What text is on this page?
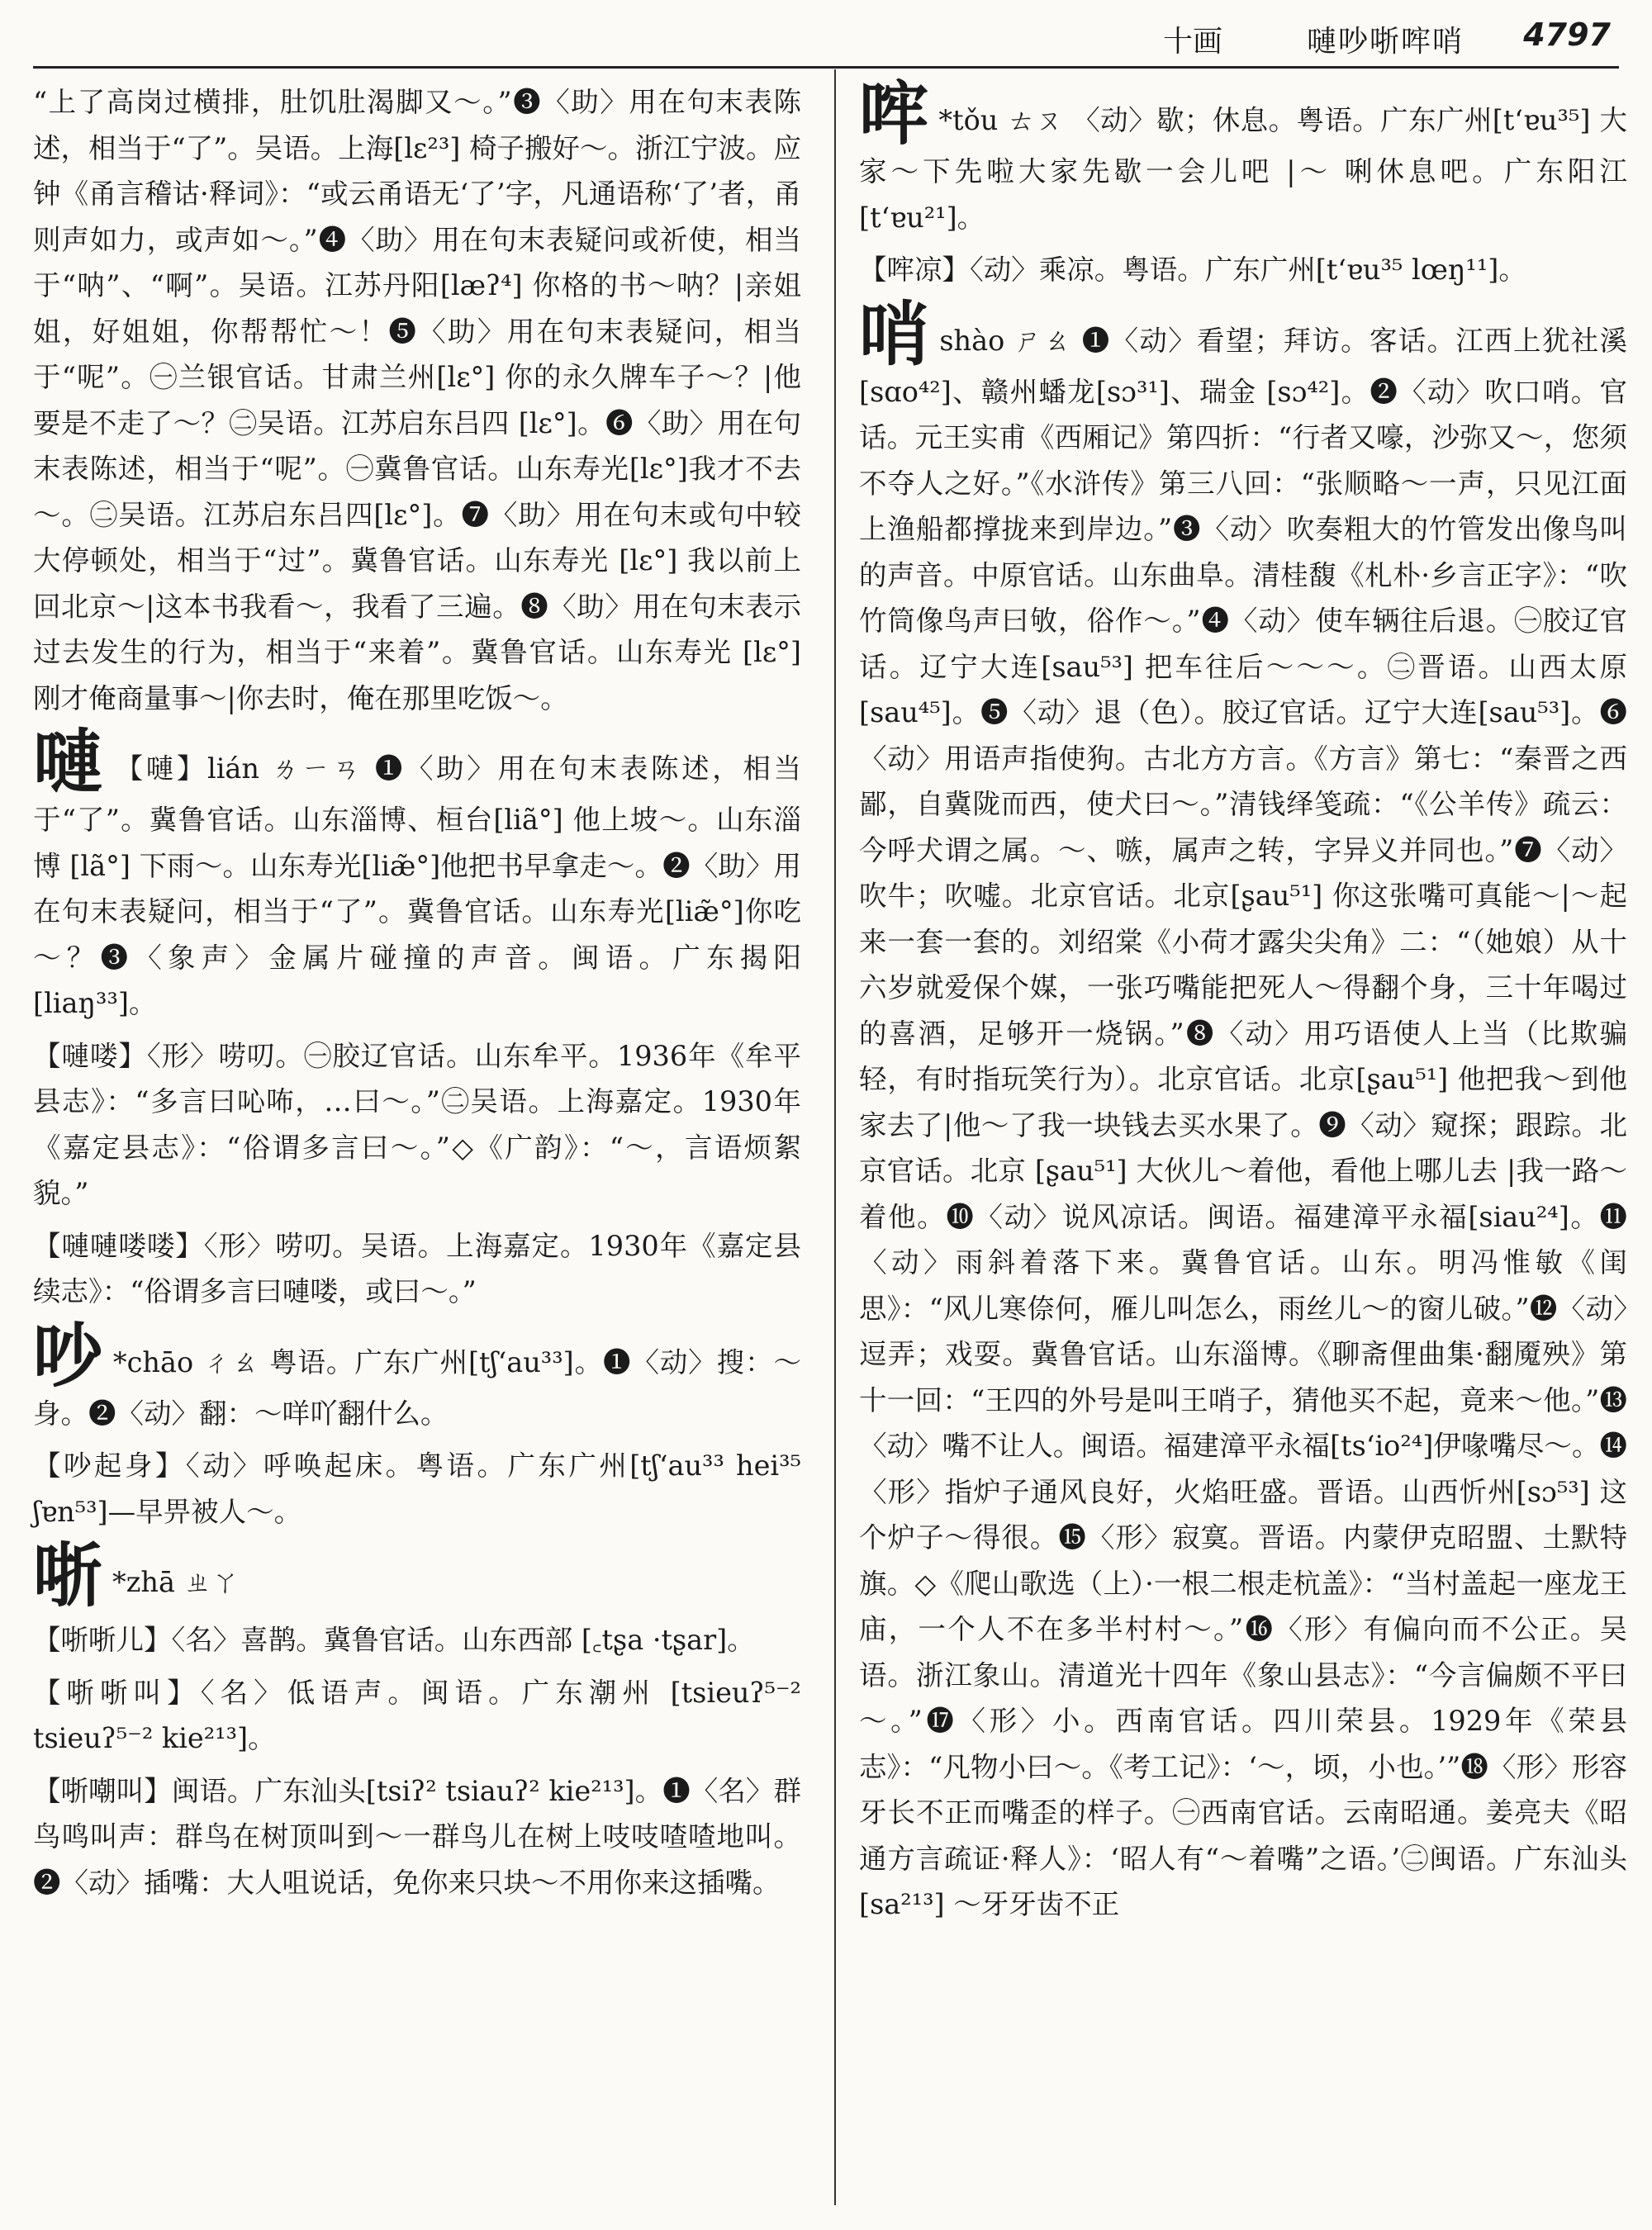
十画	嗹吵哳哰哨 4797

“上了高岗过横排，肚饥肚渴脚又～。”❸〈助〉用在句末表陈述，相当于“了”。吴语。上海[lɛ²³] 椅子搬好～。浙江宁波。应钟《甬言稽诂·释词》：“或云甬语无‘了’字，凡通语称‘了’者，甬则声如力，或声如～。”❹〈助〉用在句末表疑问或祈使，相当于“呐”、“啊”。吴语。江苏丹阳[læʔ⁴] 你格的书～呐？|亲姐姐，好姐姐，你帮帮忙～！❺〈助〉用在句末表疑问，相当于“呢”。㊀兰银官话。甘肃兰州[lɛ°] 你的永久牌车子～？|他要是不走了～？㊁吴语。江苏启东吕四 [lɛ°]。❻〈助〉用在句末表陈述，相当于“呢”。㊀冀鲁官话。山东寿光[lɛ°]我才不去～。㊁吴语。江苏启东吕四[lɛ°]。❼〈助〉用在句末或句中较大停顿处，相当于“过”。冀鲁官话。山东寿光 [lɛ°] 我以前上回北京～|这本书我看～，我看了三遍。❽〈助〉用在句末表示过去发生的行为，相当于“来着”。冀鲁官话。山东寿光 [lɛ°] 刚才俺商量事～|你去时，俺在那里吃饭～。

嗹 【嗹】lián ㄌㄧㄢ ❶〈助〉用在句末表陈述，相当于“了”。冀鲁官话。山东淄博、桓台[liã°] 他上坡～。山东淄博 [lã°] 下雨～。山东寿光[liæ̃°]他把书早拿走～。❷〈助〉用在句末表疑问，相当于“了”。冀鲁官话。山东寿光[liæ̃°]你吃～？❸〈象声〉金属片碰撞的声音。闽语。广东揭阳 [liaŋ³³]。

【嗹喽】〈形〉唠叨。㊀胶辽官话。山东牟平。1936年《牟平县志》：“多言曰吣咘，…曰～。”㊁吴语。上海嘉定。1930年《嘉定县志》：“俗谓多言曰～。”◇《广韵》：“～，言语烦絮貌。”

【嗹嗹喽喽】〈形〉唠叨。吴语。上海嘉定。1930年《嘉定县续志》：“俗谓多言曰嗹喽，或曰～。”

吵 *chāo ㄔㄠ 粤语。广东广州[tʃ‘au³³]。❶〈动〉搜：～身。❷〈动〉翻：～咩吖翻什么。

【吵起身】〈动〉呼唤起床。粤语。广东广州[tʃ‘au³³ hei³⁵ ʃɐn⁵³]—早畀被人～。

哳 *zhā ㄓㄚ

【哳哳儿】〈名〉喜鹊。冀鲁官话。山东西部 [꜀tʂa ·tʂar]。

【哳哳叫】〈名〉低语声。闽语。广东潮州 [tsieuʔ⁵⁻² tsieuʔ⁵⁻² kie²¹³]。

【哳嘲叫】闽语。广东汕头[tsiʔ² tsiauʔ² kie²¹³]。❶〈名〉群鸟鸣叫声：群鸟在树顶叫到～一群鸟儿在树上吱吱喳喳地叫。❷〈动〉插嘴：大人咀说话，免你来只块～不用你来这插嘴。

哰 *tǒu ㄊㄡ 〈动〉歇；休息。粤语。广东广州[t‘ɐu³⁵] 大家～下先啦大家先歇一会儿吧 |～ 唎休息吧。广东阳江[t‘ɐu²¹]。

【哰凉】〈动〉乘凉。粤语。广东广州[t‘ɐu³⁵ lœŋ¹¹]。

哨shào ㄕㄠ ❶〈动〉看望；拜访。客话。江西上犹社溪 [sɑo⁴²]、赣州蟠龙[sɔ³¹]、瑞金 [sɔ⁴²]。❷〈动〉吹口哨。官话。元王实甫《西厢记》第四折：“行者又嚎，沙弥又～，您须不夺人之好。”《水浒传》第三八回：“张顺略～一声，只见江面上渔船都撑拢来到岸边。”❸〈动〉吹奏粗大的竹管发出像鸟叫的声音。中原官话。山东曲阜。清桂馥《札朴·乡言正字》：“吹竹筒像鸟声曰敂，俗作～。”❹〈动〉使车辆往后退。㊀胶辽官话。辽宁大连[sau⁵³] 把车往后～～～。㊁晋语。山西太原[sau⁴⁵]。❺〈动〉退（色）。胶辽官话。辽宁大连[sau⁵³]。❻〈动〉用语声指使狗。古北方方言。《方言》第七：“秦晋之西鄙，自冀陇而西，使犬曰～。”清钱绎笺疏：“《公羊传》疏云：今呼犬谓之属。～、嗾，属声之转，字异义并同也。”❼〈动〉吹牛；吹嘘。北京官话。北京[ʂau⁵¹] 你这张嘴可真能～|～起来一套一套的。刘绍棠《小荷才露尖尖角》二：“（她娘）从十六岁就爱保个媒，一张巧嘴能把死人～得翻个身，三十年喝过的喜酒，足够开一烧锅。”❽〈动〉用巧语使人上当（比欺骗轻，有时指玩笑行为）。北京官话。北京[ʂau⁵¹] 他把我～到他家去了|他～了我一块钱去买水果了。❾〈动〉窥探；跟踪。北京官话。北京 [ʂau⁵¹] 大伙儿～着他，看他上哪儿去 |我一路～着他。❿〈动〉说风凉话。闽语。福建漳平永福[siau²⁴]。⓫〈动〉雨斜着落下来。冀鲁官话。山东。明冯惟敏《闺思》：“风儿寒倷何，雁儿叫怎么，雨丝儿～的窗儿破。”⓬〈动〉逗弄；戏耍。冀鲁官话。山东淄博。《聊斋俚曲集·翻魇殃》第十一回：“王四的外号是叫王哨子，猜他买不起，竟来～他。”⓭〈动〉嘴不让人。闽语。福建漳平永福[ts‘io²⁴]伊喙嘴尽～。⓮〈形〉指炉子通风良好，火焰旺盛。晋语。山西忻州[sɔ⁵³] 这个炉子～得很。⓯〈形〉寂寞。晋语。内蒙伊克昭盟、土默特旗。◇《爬山歌选（上）·一根二根走杭盖》：“当村盖起一座龙王庙，一个人不在多半村村～。”⓰〈形〉有偏向而不公正。吴语。浙江象山。清道光十四年《象山县志》：“今言偏颇不平曰～。”⓱〈形〉小。西南官话。四川荣县。1929年《荣县志》：“凡物小曰～。《考工记》：‘～，顷，小也。’”⓲〈形〉形容牙长不正而嘴歪的样子。㊀西南官话。云南昭通。姜亮夫《昭通方言疏证·释人》：‘昭人有“～着嘴”之语。’㊁闽语。广东汕头[sa²¹³] ～牙牙齿不正
